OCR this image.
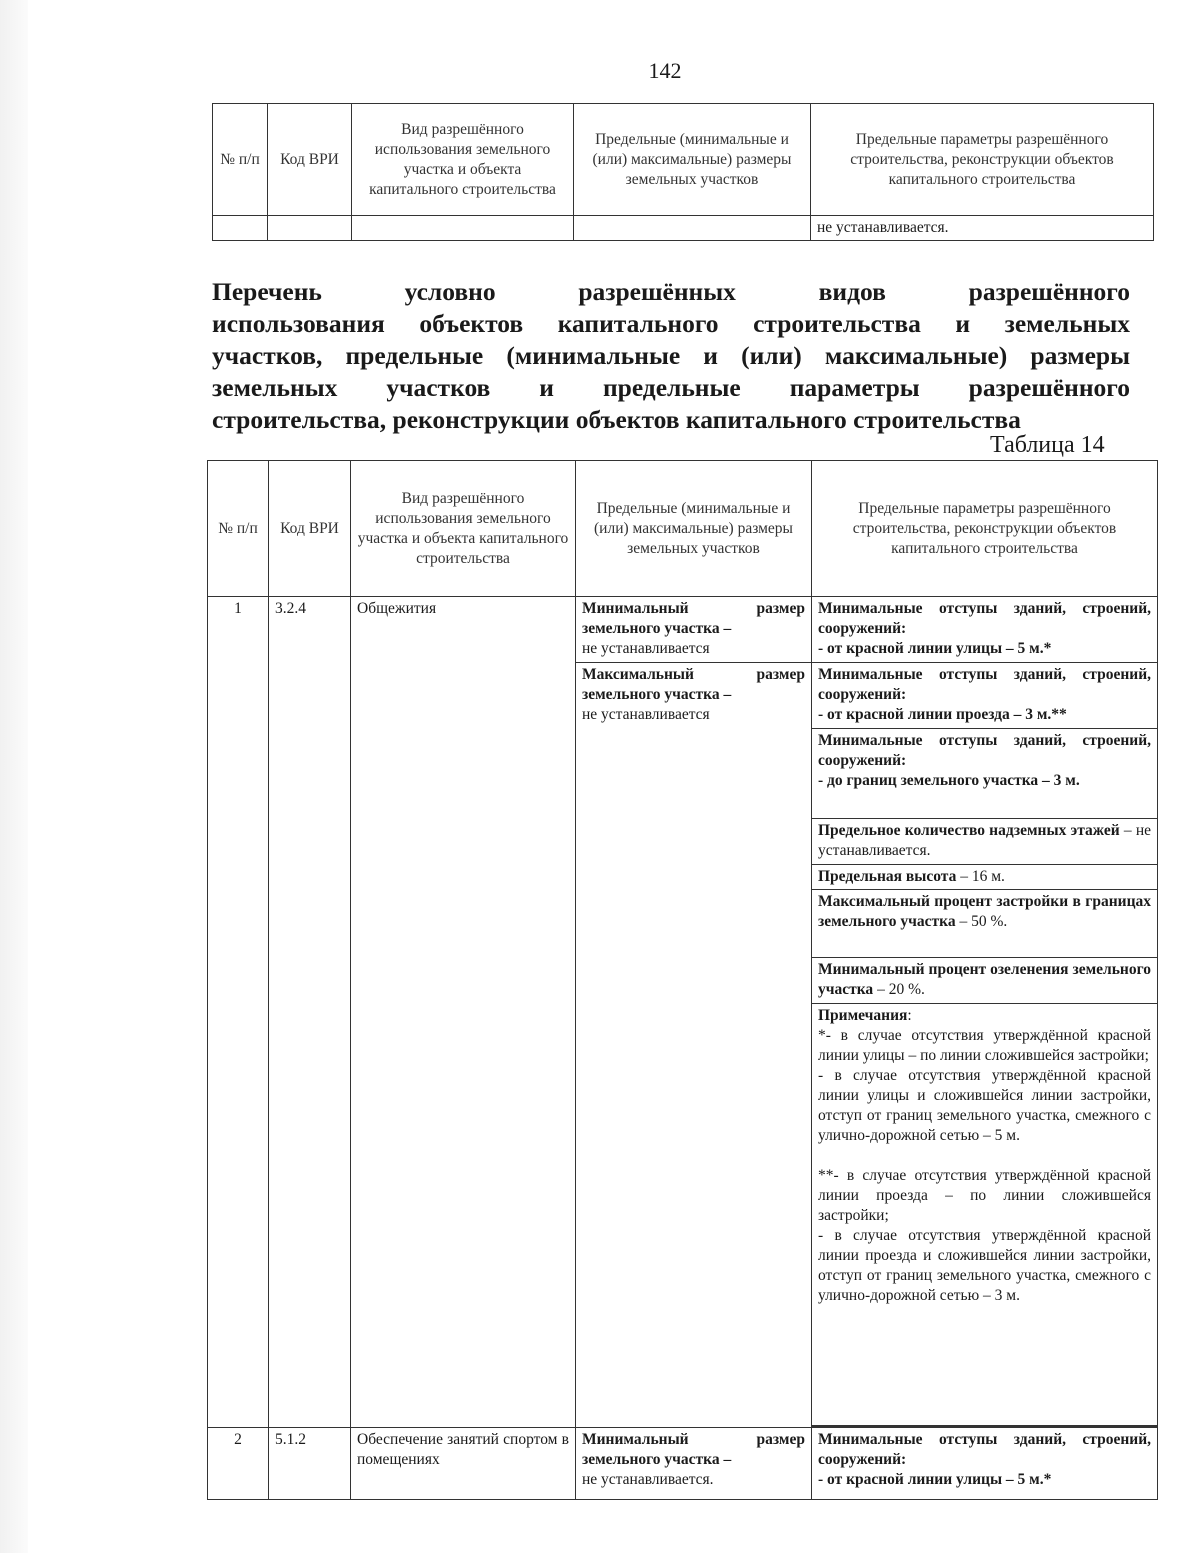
142
№ п/п	Код ВРИ	Вид разрешённого использования земельного участка и объекта капитального строительства	Предельные (минимальные и (или) максимальные) размеры земельных участков	Предельные параметры разрешённого строительства, реконструкции объектов капитального строительства
				не устанавливается.
Перечень условно разрешённых видов разрешённого
использования объектов капитального строительства и земельных
участков, предельные (минимальные и (или) максимальные) размеры
земельных участков и предельные параметры разрешённого
строительства, реконструкции объектов капитального строительства
Таблица 14
№ п/п	Код ВРИ	Вид разрешённого использования земельного участка и объекта капитального строительства	Предельные (минимальные и (или) максимальные) размеры земельных участков	Предельные параметры разрешённого строительства, реконструкции объектов капитального строительства
1	3.2.4	Общежития	Минимальный размер земельного участка –
не устанавливается	Минимальные отступы зданий, строений, сооружений:
- от красной линии улицы – 5 м.*

			Максимальный размер земельного участка –
не устанавливается	Минимальные отступы зданий, строений, сооружений:
- от красной линии проезда – 3 м.**

				Минимальные отступы зданий, строений, сооружений:
- до границ земельного участка – 3 м.

				Предельное количество надземных этажей – не устанавливается.
				Предельная высота – 16 м.
				Максимальный процент застройки в границах земельного участка – 50 %.
				Минимальный процент озеленения земельного участка – 20 %.

				Примечания:
*- в случае отсутствия утверждённой красной линии улицы – по линии сложившейся застройки;
- в случае отсутствия утверждённой красной линии улицы и сложившейся линии застройки, отступ от границ земельного участка, смежного с улично-дорожной сетью – 5 м.
**- в случае отсутствия утверждённой красной линии проезда – по линии сложившейся застройки;
- в случае отсутствия утверждённой красной линии проезда и сложившейся линии застройки, отступ от границ земельного участка, смежного с улично-дорожной сетью – 3 м.

2	5.1.2	Обеспечение занятий спортом в помещениях	Минимальный размер земельного участка –
не устанавливается.	Минимальные отступы зданий, строений, сооружений:
- от красной линии улицы – 5 м.*
